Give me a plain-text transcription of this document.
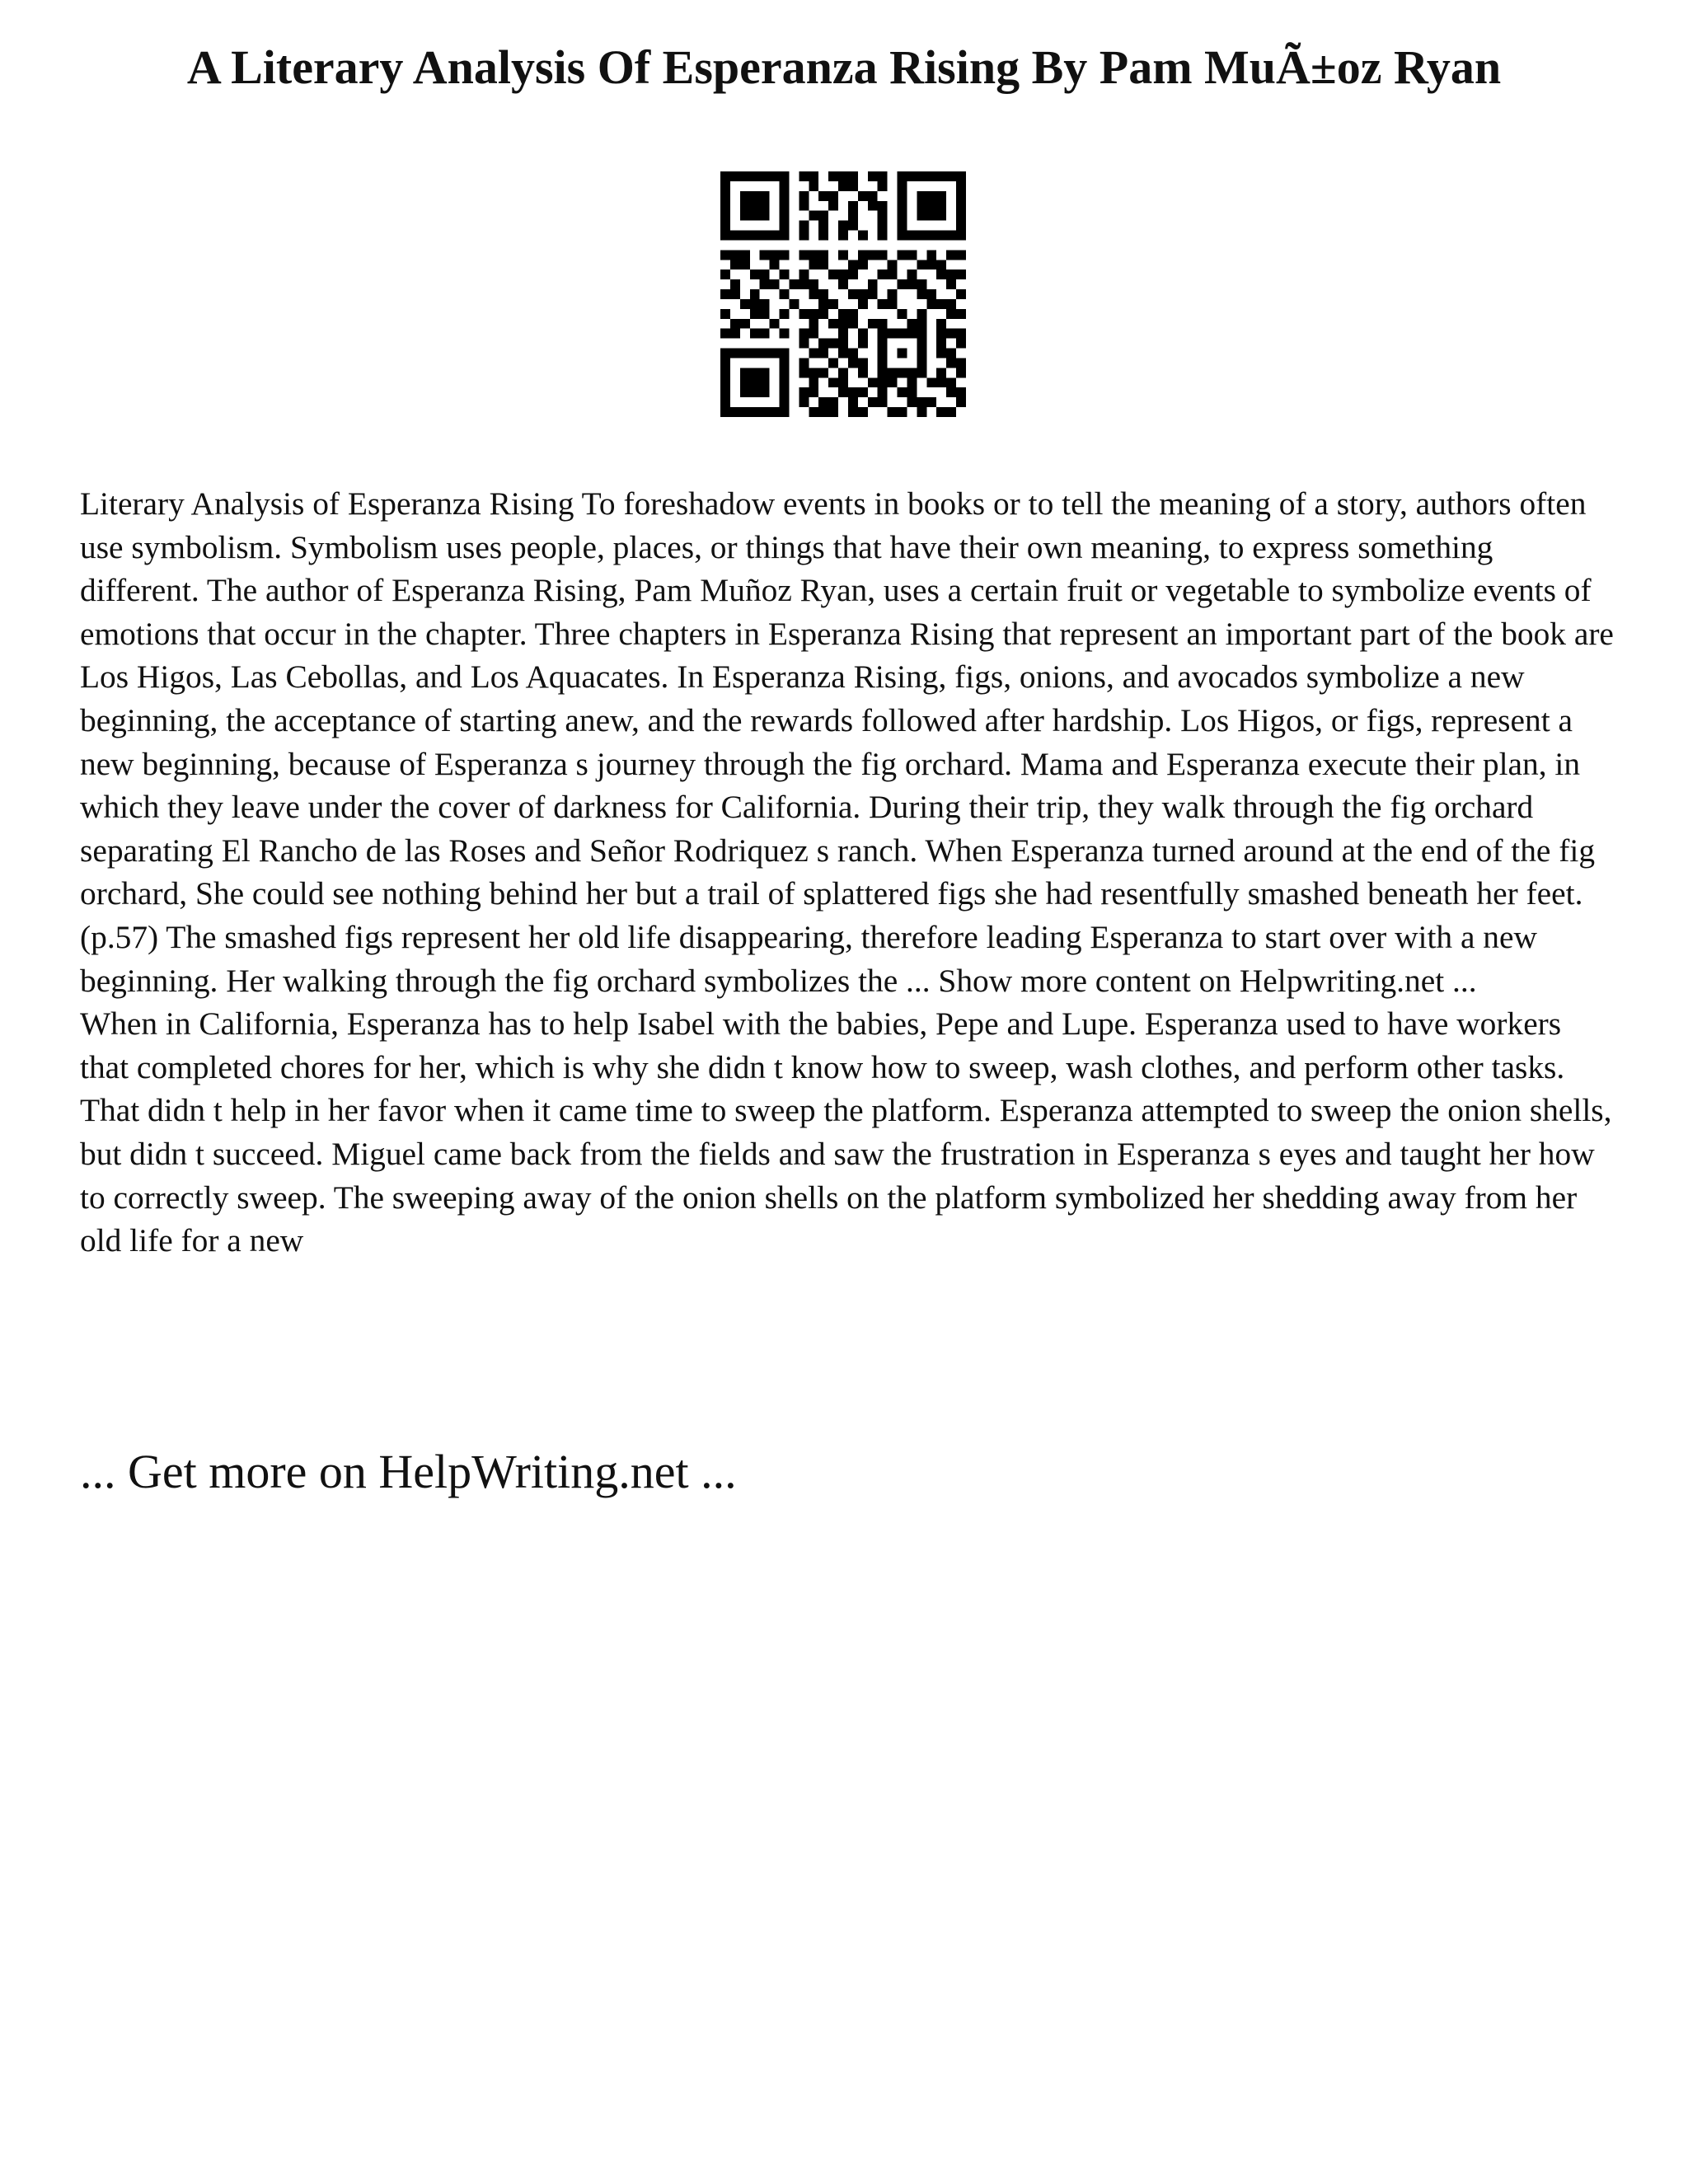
A Literary Analysis Of Esperanza Rising By Pam MuÃ±oz Ryan

Literary Analysis of Esperanza Rising To foreshadow events in books or to tell the meaning of a story, authors often use symbolism. Symbolism uses people, places, or things that have their own meaning, to express something different. The author of Esperanza Rising, Pam Muñoz Ryan, uses a certain fruit or vegetable to symbolize events of emotions that occur in the chapter. Three chapters in Esperanza Rising that represent an important part of the book are Los Higos, Las Cebollas, and Los Aquacates. In Esperanza Rising, figs, onions, and avocados symbolize a new beginning, the acceptance of starting anew, and the rewards followed after hardship. Los Higos, or figs, represent a new beginning, because of Esperanza s journey through the fig orchard. Mama and Esperanza execute their plan, in which they leave under the cover of darkness for California. During their trip, they walk through the fig orchard separating El Rancho de las Roses and Señor Rodriquez s ranch. When Esperanza turned around at the end of the fig orchard, She could see nothing behind her but a trail of splattered figs she had resentfully smashed beneath her feet. (p.57) The smashed figs represent her old life disappearing, therefore leading Esperanza to start over with a new beginning. Her walking through the fig orchard symbolizes the ... Show more content on Helpwriting.net ...

When in California, Esperanza has to help Isabel with the babies, Pepe and Lupe. Esperanza used to have workers that completed chores for her, which is why she didn t know how to sweep, wash clothes, and perform other tasks. That didn t help in her favor when it came time to sweep the platform. Esperanza attempted to sweep the onion shells, but didn t succeed. Miguel came back from the fields and saw the frustration in Esperanza s eyes and taught her how to correctly sweep. The sweeping away of the onion shells on the platform symbolized her shedding away from her old life for a new

... Get more on HelpWriting.net ...
